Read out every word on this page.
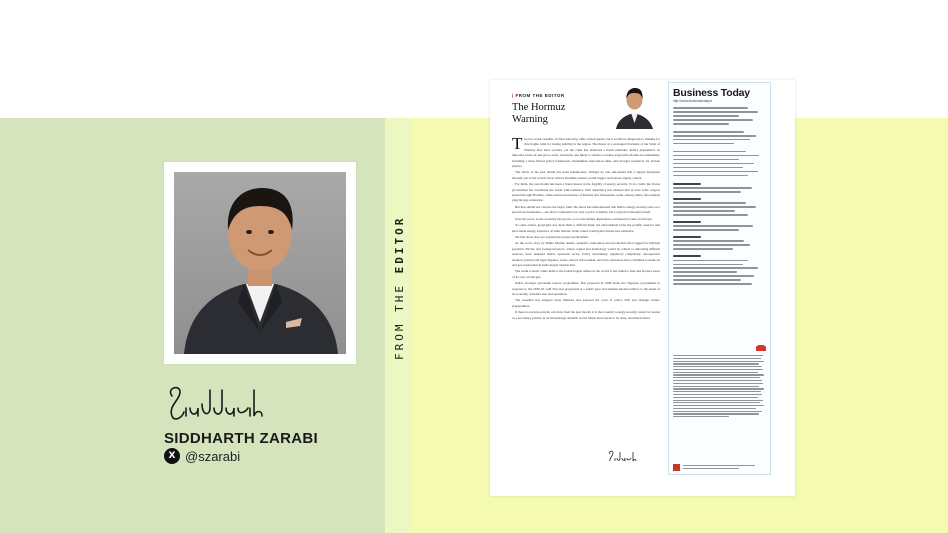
FROM THE EDITOR
SIDDHARTH ZARABI
X @szarabi
| FROM THE EDITOR
The Hormuz Warning
T he two-week ceasefire in West Asia may offer a brief respite, but it would be dangerous to mistake for this fragile calm for lasting stability in the region. The threat of a prolonged blockade of the Strait of Hormuz may have receded, yet the crisis has delivered a harsh reminder: India's dependence on imported crude oil and gas is acute, structural, and likely to remain so unless long-term reforms are undertaken, including a more liberal policy framework, streamlined exploration rules, and stronger incentives for private players.

The shock of the past month has been transitionary. Perhaps no one anticipated that a supply disruption through one of the world's most critical maritime arteries would trigger such severe supply crunch.

For India, the past month has been a brutal lesson in the fragility of energy security. To its credit, the Union government has weathered the storm with resilience. Deft diplomacy has ensured that at least some cargoes passed through Hormuz, while renewed purchases of Russian and Venezuelan crude, among others, have helped plug the gap somewhat.

But that should not obscure the larger truth: the shock has demonstrated that India's energy security rests on a precarious foundation—one that is vulnerable not only to price volatility, but to physical disruption itself.

Over the years, as the economy has grown, so too has India's dependence on imported crude oil and gas.

To some extent, geography has dealt India a difficult hand; the subcontinent lacks the prolific reserves that have made energy exporters of other nations. India cannot wish hydrocarbons into existence.

Yet that alone does not explain the present predicament.

As the cover story by Ritika Sharma details, domestic exploration and production have lagged for habitual potential. Private and foreign investors, whose capital and technology would be critical to unlocking difficult reserves, have shunned India's upstream sector. Policy uncertainty, regulatory complexity, retrospective taxation, pricing and legal disputes, weak contract enforcement, and slow clearances have combined to make oil and gas exploration in India deeply unattractive.

The result is stark: while India is the fourth-largest refiner in the world, it has failed to find and produce more of its own oil and gas.

India's strategic petroleum reserve programme, first proposed in 1998 under the Vajpayee government in response to the 1990–91 Gulf War, has progressed at a snail's pace and remains modest relative to the needs of an economy of India's size and aspiration.

The ceasefire has stripped away illusions and exposed the costs of policy drift and strategic under-preparedness.

If there is one lesson India can draw from the past month, it is that country's energy security cannot be treated as a secondary priority in an increasingly unstable world. Much more needs to be done. And much faster.

Business Today
http://www.businesstoday.in
